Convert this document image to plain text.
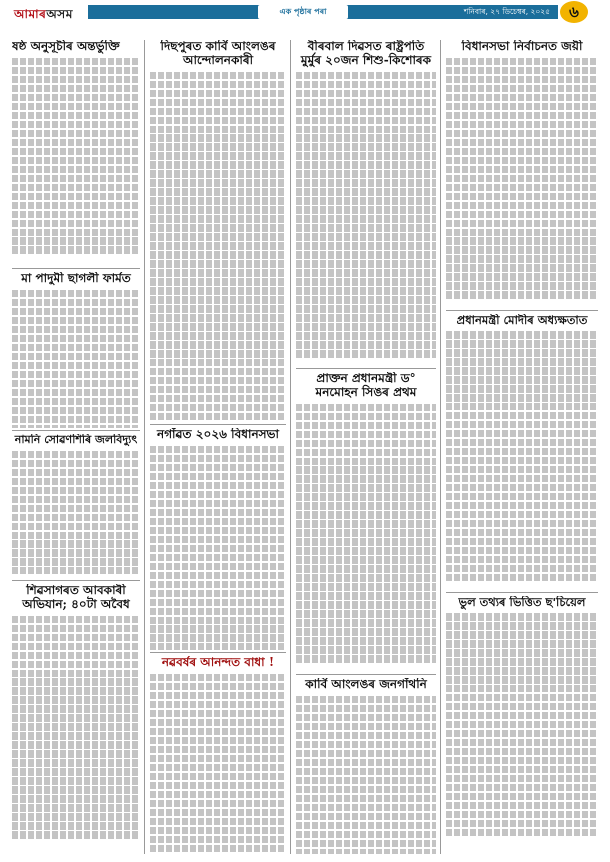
আমাৰঅসম	এক পৃষ্ঠাৰ পৰা	শনিবাৰ, ২৭ ডিচেম্বৰ, ২০২৫	৬
ষষ্ঠ অনুসূচীৰ অন্তৰ্ভুক্তি
মা পাদুমী ছাগলী ফাৰ্মত
নামনি সোৱণশিৰি জলবিদ্যুৎ
শিৱসাগৰত আবকাৰী অভিযান; ৪০টা অবৈধ
দিছপুৰত কাৰ্বি আংলঙৰ আন্দোলনকাৰী
নগাঁৱত ২০২৬ বিধানসভা
নৱবৰ্ষৰ আনন্দত বাধা !
বীৰবাল দিৱসত ৰাষ্ট্ৰপতি মুৰ্মুৰ ২০জন শিশু-কিশোৰক
প্ৰাক্তন প্ৰধানমন্ত্ৰী ড° মনমোহন সিঙৰ প্ৰথম
কাৰ্বি আংলঙৰ জনগাঁথনি
বিধানসভা নিৰ্বাচনত জয়ী
প্ৰধানমন্ত্ৰী মোদীৰ অধ্যক্ষতাত
ভুল তথ্যৰ ভিত্তিত ছ'চিয়েল
